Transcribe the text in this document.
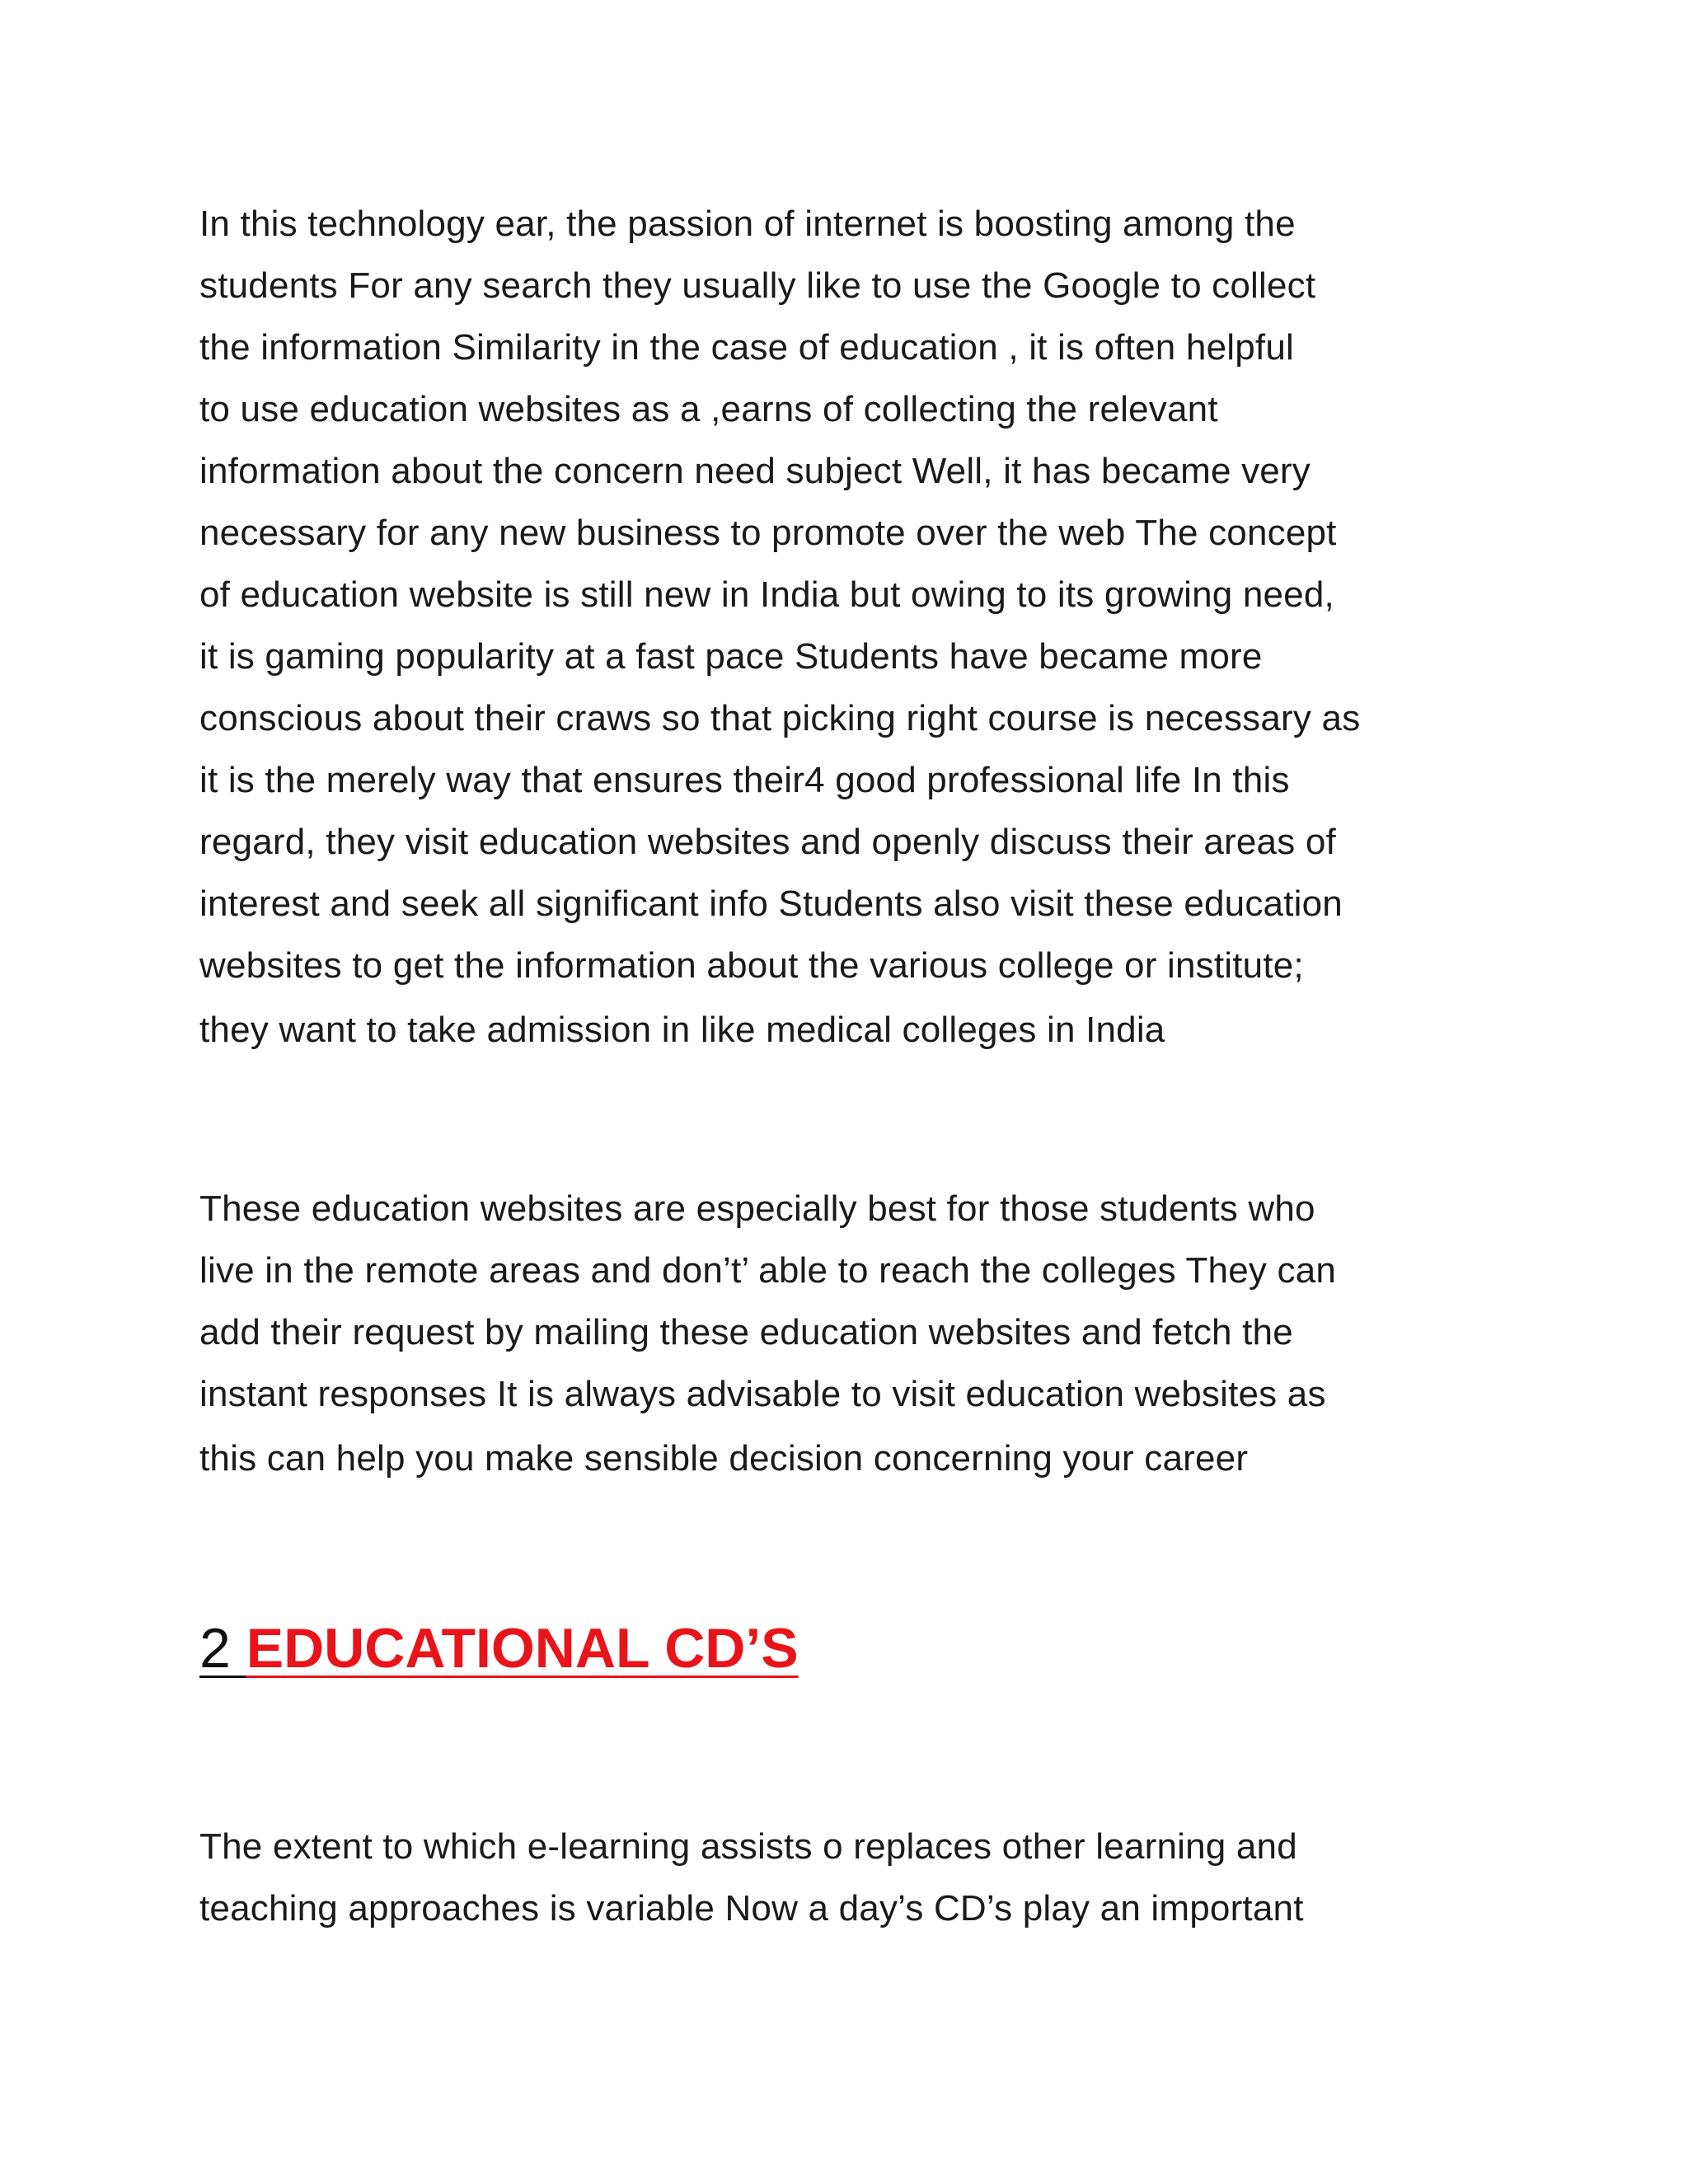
In this technology ear, the passion of internet is boosting among the
students For any search they usually like to use the Google to collect
the information Similarity in the case of education , it is often helpful
to use education websites as a ,earns of collecting the relevant
information about the concern need subject Well, it has became very
necessary for any new business to promote over the web The concept
of education website is still new in India but owing to its growing need,
it is gaming popularity at a fast pace Students have became more
conscious about their craws so that picking right course is necessary as
it is the merely way that ensures their4 good professional life In this
regard, they visit education websites and openly discuss their areas of
interest and seek all significant info Students also visit these education
websites to get the information about the various college or institute;
they want to take admission in like medical colleges in India
These education websites are especially best for those students who
live in the remote areas and don’t’ able to reach the colleges They can
add their request by mailing these education websites and fetch the
instant responses It is always advisable to visit education websites as
this can help you make sensible decision concerning your career
2 EDUCATIONAL CD’S
The extent to which e-learning assists o replaces other learning and
teaching approaches is variable Now a day’s CD’s play an important
